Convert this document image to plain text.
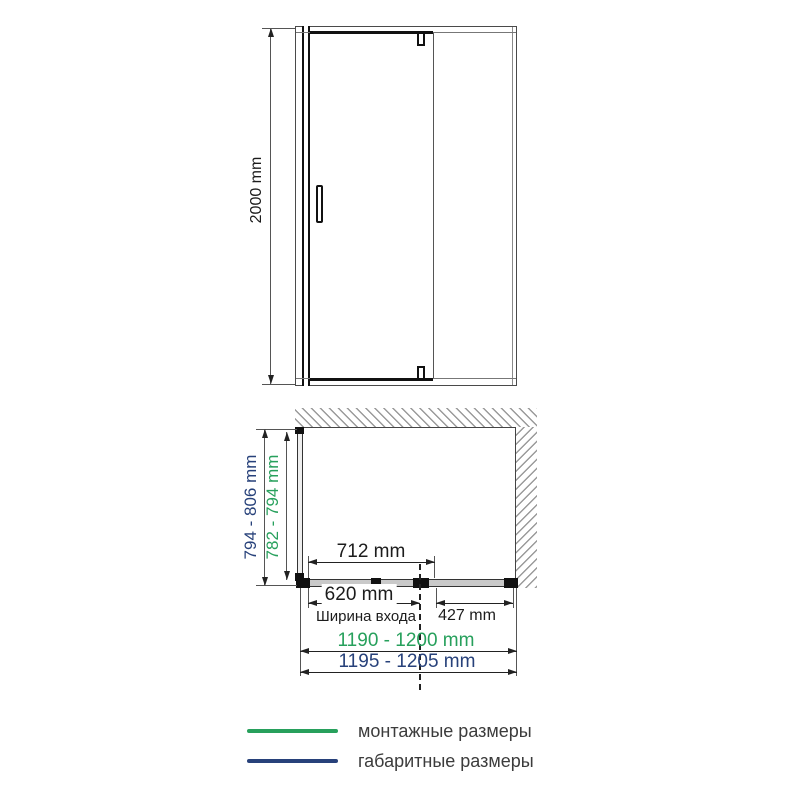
2000 mm
712 mm
620 mm
Ширина входа 427 mm
1190 - 1200 mm
1195 - 1205 mm
794 - 806 mm 782 - 794 mm
монтажные размеры
габаритные размеры
